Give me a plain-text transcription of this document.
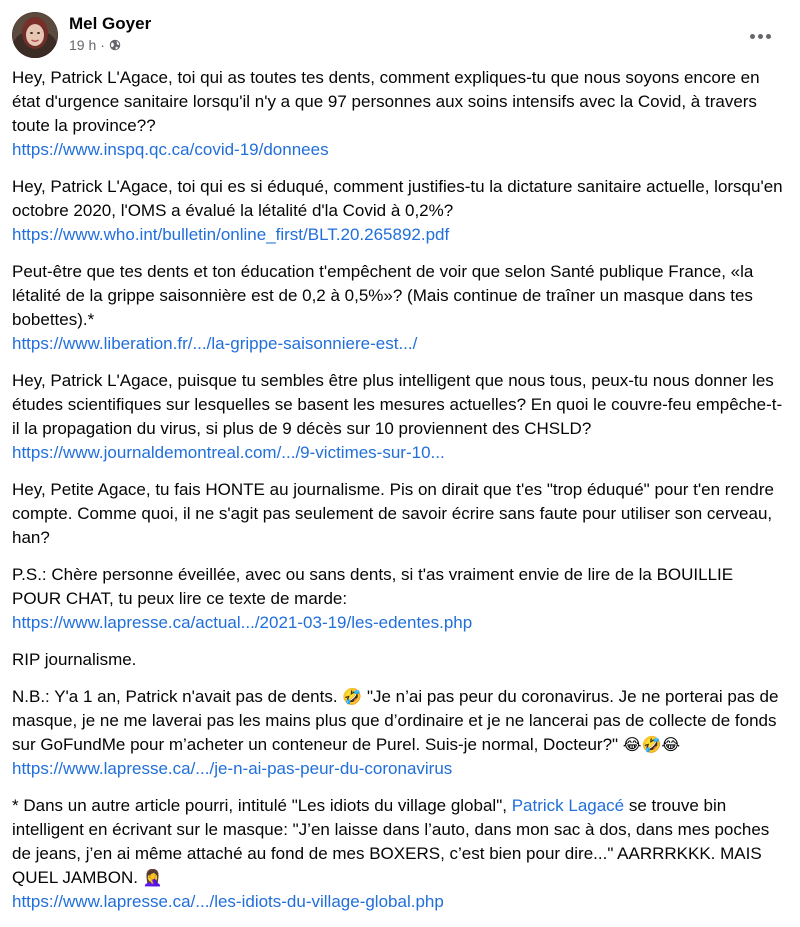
Mel Goyer
19 h ·
Hey, Patrick L'Agace, toi qui as toutes tes dents, comment expliques-tu que nous soyons encore en état d'urgence sanitaire lorsqu'il n'y a que 97 personnes aux soins intensifs avec la Covid, à travers toute la province??
https://www.inspq.qc.ca/covid-19/donnees
Hey, Patrick L'Agace, toi qui es si éduqué, comment justifies-tu la dictature sanitaire actuelle, lorsqu'en octobre 2020, l'OMS a évalué la létalité d'la Covid à 0,2%?
https://www.who.int/bulletin/online_first/BLT.20.265892.pdf
Peut-être que tes dents et ton éducation t'empêchent de voir que selon Santé publique France, «la létalité de la grippe saisonnière est de 0,2 à 0,5%»? (Mais continue de traîner un masque dans tes bobettes).*
https://www.liberation.fr/.../la-grippe-saisonniere-est.../
Hey, Patrick L'Agace, puisque tu sembles être plus intelligent que nous tous, peux-tu nous donner les études scientifiques sur lesquelles se basent les mesures actuelles? En quoi le couvre-feu empêche-t-il la propagation du virus, si plus de 9 décès sur 10 proviennent des CHSLD?
https://www.journaldemontreal.com/.../9-victimes-sur-10...
Hey, Petite Agace, tu fais HONTE au journalisme. Pis on dirait que t'es "trop éduqué" pour t'en rendre compte. Comme quoi, il ne s'agit pas seulement de savoir écrire sans faute pour utiliser son cerveau, han?
P.S.: Chère personne éveillée, avec ou sans dents, si t'as vraiment envie de lire de la BOUILLIE POUR CHAT, tu peux lire ce texte de marde:
https://www.lapresse.ca/actual.../2021-03-19/les-edentes.php
RIP journalisme.
N.B.: Y'a 1 an, Patrick n'avait pas de dents. 🤣 "Je n’ai pas peur du coronavirus. Je ne porterai pas de masque, je ne me laverai pas les mains plus que d’ordinaire et je ne lancerai pas de collecte de fonds sur GoFundMe pour m’acheter un conteneur de Purel. Suis-je normal, Docteur?" 😂🤣😂
https://www.lapresse.ca/.../je-n-ai-pas-peur-du-coronavirus
* Dans un autre article pourri, intitulé "Les idiots du village global", Patrick Lagacé se trouve bin intelligent en écrivant sur le masque: "J’en laisse dans l’auto, dans mon sac à dos, dans mes poches de jeans, j’en ai même attaché au fond de mes BOXERS, c’est bien pour dire..." AARRRKKK. MAIS QUEL JAMBON. 🤦‍♀️
https://www.lapresse.ca/.../les-idiots-du-village-global.php
